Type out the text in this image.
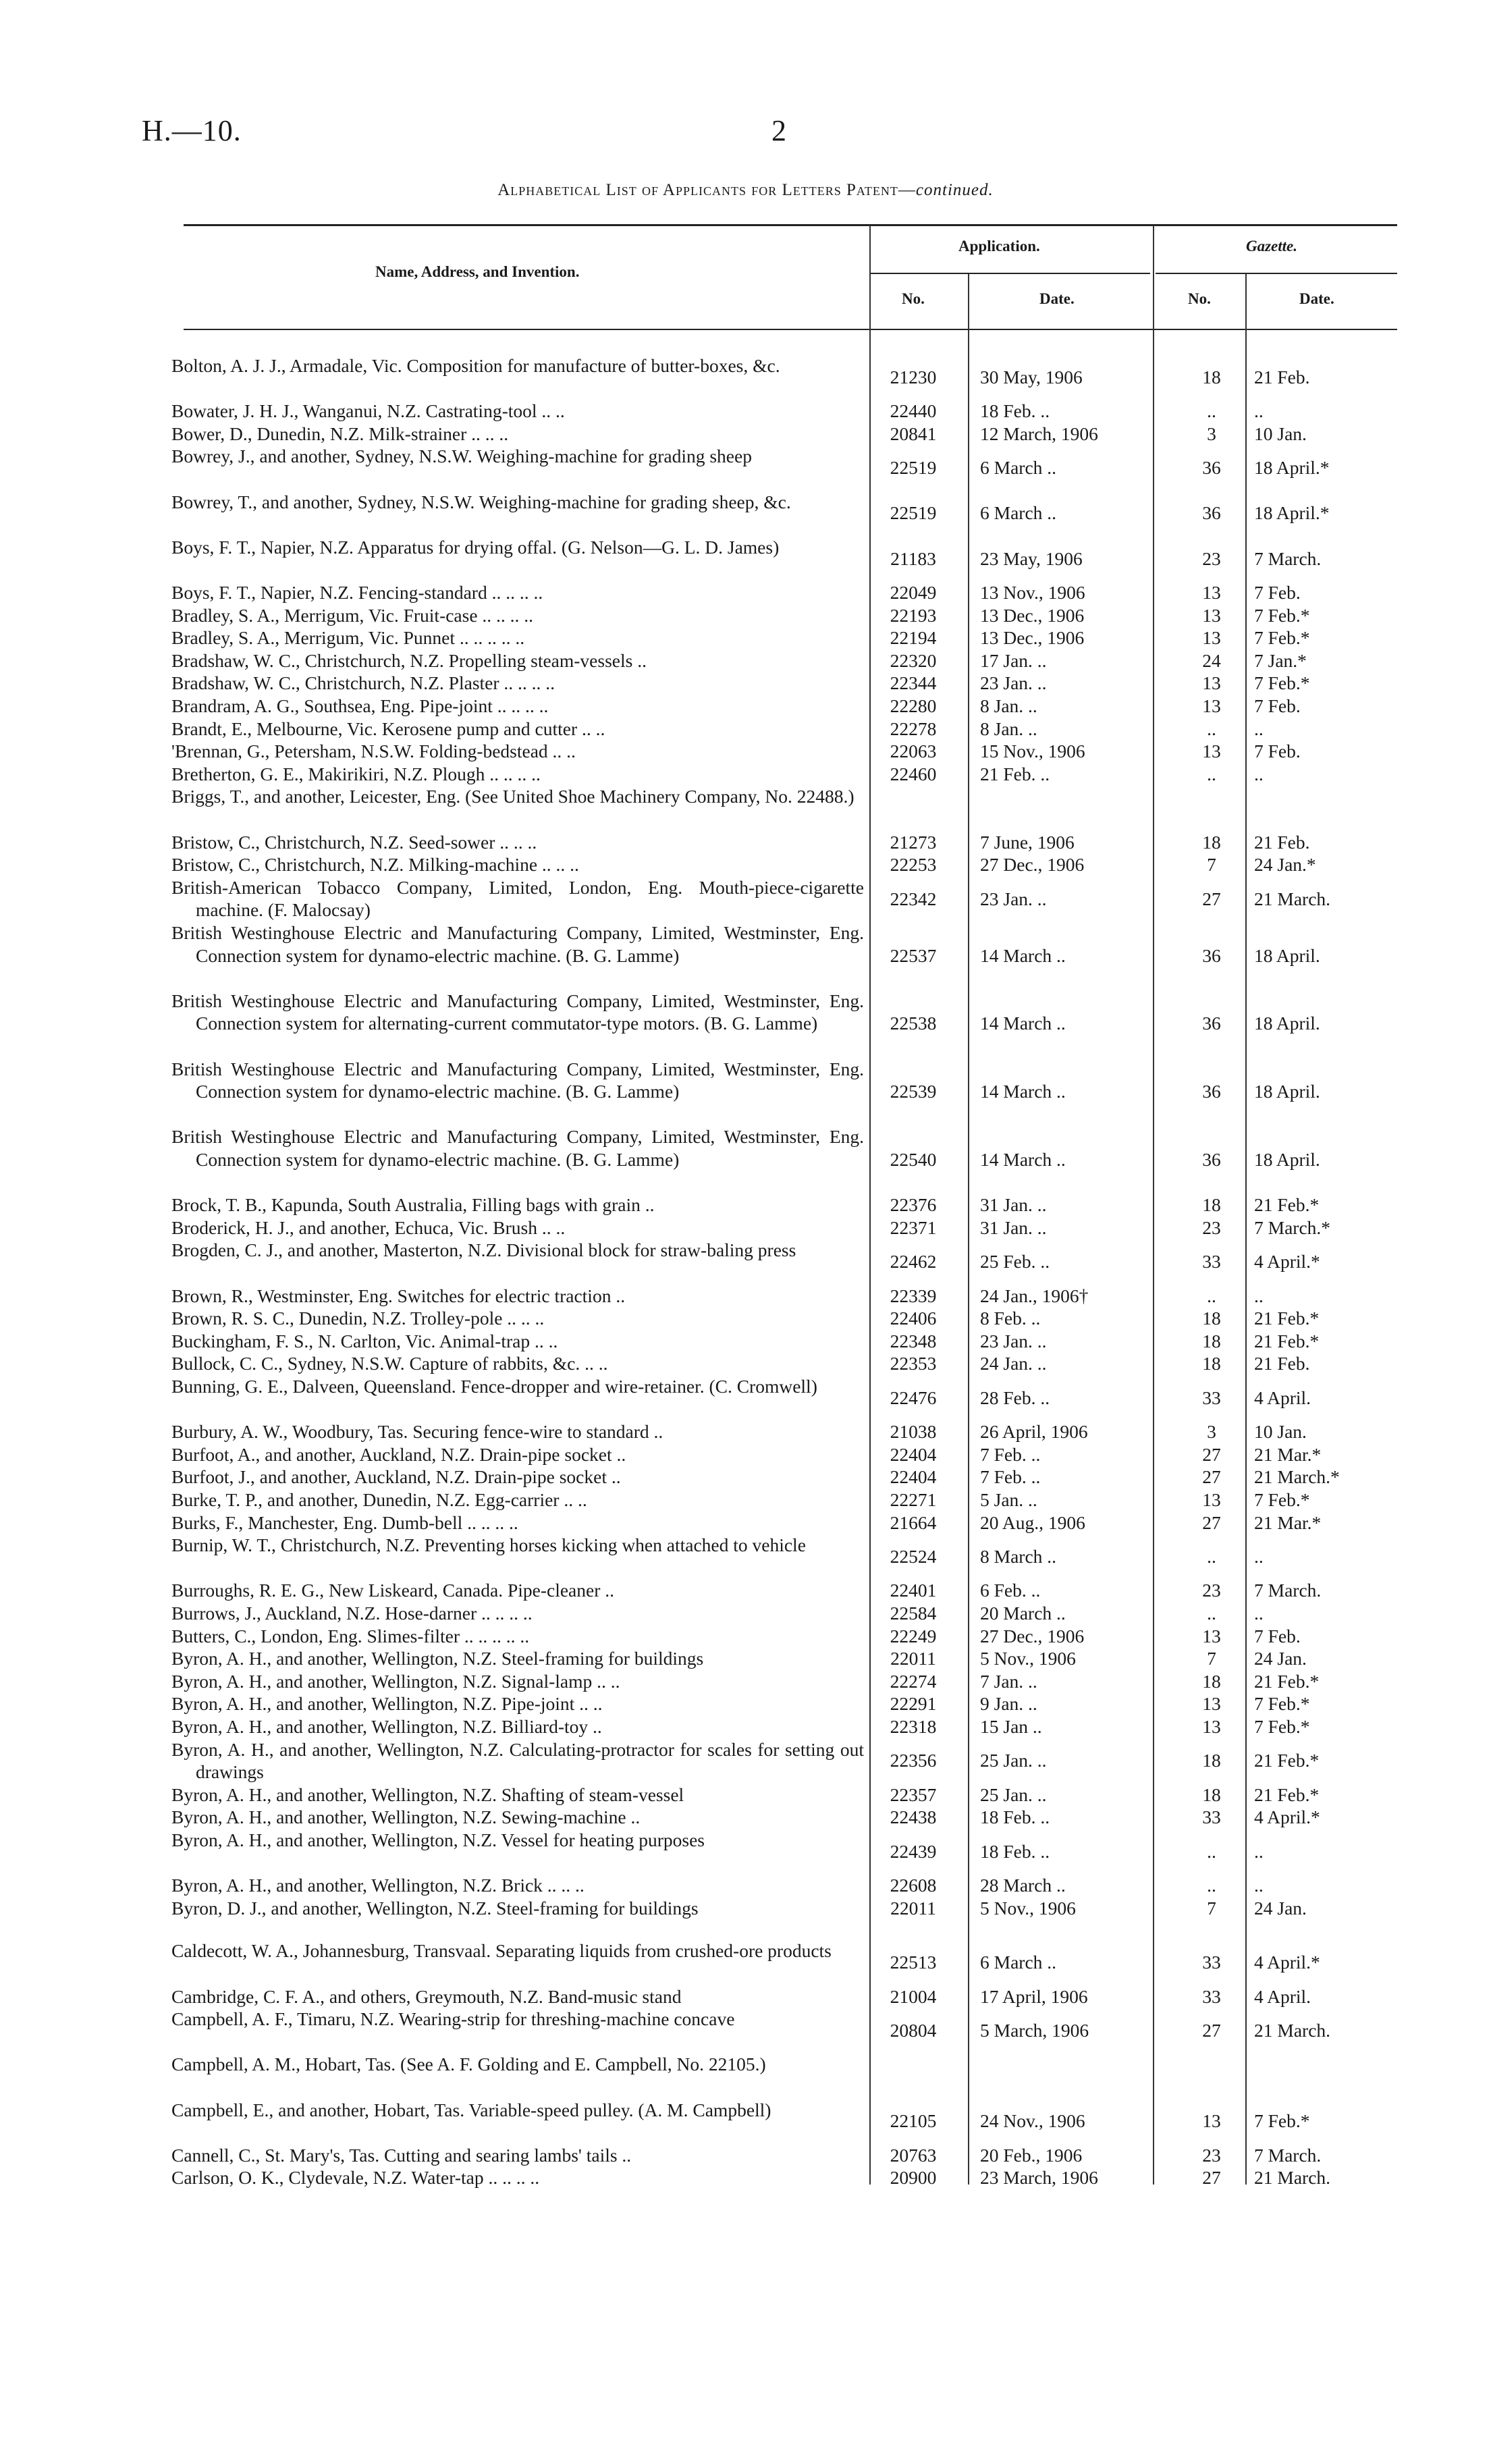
H.—10.	2
Alphabetical List of Applicants for Letters Patent—continued.
Name, Address, and Invention.
Application.	Gazette.
No.	Date.	No.	Date.
Bolton, A. J. J., Armadale, Vic. Composition for manufacture of butter-boxes, &c.
21230	30 May, 1906	18	21 Feb.
Bowater, J. H. J., Wanganui, N.Z. Castrating-tool .. ..	22440	18 Feb. ..	..	..
Bower, D., Dunedin, N.Z. Milk-strainer .. .. ..	20841	12 March, 1906	3	10 Jan.
Bowrey, J., and another, Sydney, N.S.W. Weighing-machine for grading sheep
22519	6 March ..	36	18 April.*
Bowrey, T., and another, Sydney, N.S.W. Weighing-machine for grading sheep, &c.
22519	6 March ..	36	18 April.*
Boys, F. T., Napier, N.Z. Apparatus for drying offal. (G. Nelson—G. L. D. James)
21183	23 May, 1906	23	7 March.
Boys, F. T., Napier, N.Z. Fencing-standard .. .. .. ..	22049	13 Nov., 1906	13	7 Feb.
Bradley, S. A., Merrigum, Vic. Fruit-case .. .. .. ..	22193	13 Dec., 1906	13	7 Feb.*
Bradley, S. A., Merrigum, Vic. Punnet .. .. .. .. ..	22194	13 Dec., 1906	13	7 Feb.*
Bradshaw, W. C., Christchurch, N.Z. Propelling steam-vessels ..	22320	17 Jan. ..	24	7 Jan.*
Bradshaw, W. C., Christchurch, N.Z. Plaster .. .. .. ..	22344	23 Jan. ..	13	7 Feb.*
Brandram, A. G., Southsea, Eng. Pipe-joint .. .. .. ..	22280	8 Jan. ..	13	7 Feb.
Brandt, E., Melbourne, Vic. Kerosene pump and cutter .. ..	22278	8 Jan. ..	..	..
'Brennan, G., Petersham, N.S.W. Folding-bedstead .. ..	22063	15 Nov., 1906	13	7 Feb.
Bretherton, G. E., Makirikiri, N.Z. Plough .. .. .. ..	22460	21 Feb. ..	..	..
Briggs, T., and another, Leicester, Eng. (See United Shoe Machinery Company, No. 22488.)
Bristow, C., Christchurch, N.Z. Seed-sower .. .. ..	21273	7 June, 1906	18	21 Feb.
Bristow, C., Christchurch, N.Z. Milking-machine .. .. ..	22253	27 Dec., 1906	7	24 Jan.*
British-American Tobacco Company, Limited, London, Eng. Mouth-piece-cigarette machine. (F. Malocsay)
22342	23 Jan. ..	27	21 March.
British Westinghouse Electric and Manufacturing Company, Limited, Westminster, Eng. Connection system for dynamo-electric machine. (B. G. Lamme)	22537	14 March ..	36	18 April.
British Westinghouse Electric and Manufacturing Company, Limited, Westminster, Eng. Connection system for alternating-current commutator-type motors. (B. G. Lamme)	22538	14 March ..	36	18 April.
British Westinghouse Electric and Manufacturing Company, Limited, Westminster, Eng. Connection system for dynamo-electric machine. (B. G. Lamme)	22539	14 March ..	36	18 April.
British Westinghouse Electric and Manufacturing Company, Limited, Westminster, Eng. Connection system for dynamo-electric machine. (B. G. Lamme)	22540	14 March ..	36	18 April.
Brock, T. B., Kapunda, South Australia, Filling bags with grain ..	22376	31 Jan. ..	18	21 Feb.*
Broderick, H. J., and another, Echuca, Vic. Brush .. ..	22371	31 Jan. ..	23	7 March.*
Brogden, C. J., and another, Masterton, N.Z. Divisional block for straw-baling press
22462	25 Feb. ..	33	4 April.*
Brown, R., Westminster, Eng. Switches for electric traction ..	22339	24 Jan., 1906†	..	..
Brown, R. S. C., Dunedin, N.Z. Trolley-pole .. .. ..	22406	8 Feb. ..	18	21 Feb.*
Buckingham, F. S., N. Carlton, Vic. Animal-trap .. ..	22348	23 Jan. ..	18	21 Feb.*
Bullock, C. C., Sydney, N.S.W. Capture of rabbits, &c. .. ..	22353	24 Jan. ..	18	21 Feb.
Bunning, G. E., Dalveen, Queensland. Fence-dropper and wire-retainer. (C. Cromwell)
22476	28 Feb. ..	33	4 April.
Burbury, A. W., Woodbury, Tas. Securing fence-wire to standard ..	21038	26 April, 1906	3	10 Jan.
Burfoot, A., and another, Auckland, N.Z. Drain-pipe socket ..	22404	7 Feb. ..	27	21 Mar.*
Burfoot, J., and another, Auckland, N.Z. Drain-pipe socket ..	22404	7 Feb. ..	27	21 March.*
Burke, T. P., and another, Dunedin, N.Z. Egg-carrier .. ..	22271	5 Jan. ..	13	7 Feb.*
Burks, F., Manchester, Eng. Dumb-bell .. .. .. ..	21664	20 Aug., 1906	27	21 Mar.*
Burnip, W. T., Christchurch, N.Z. Preventing horses kicking when attached to vehicle
22524	8 March ..	..	..
Burroughs, R. E. G., New Liskeard, Canada. Pipe-cleaner ..	22401	6 Feb. ..	23	7 March.
Burrows, J., Auckland, N.Z. Hose-darner .. .. .. ..	22584	20 March ..	..	..
Butters, C., London, Eng. Slimes-filter .. .. .. .. ..	22249	27 Dec., 1906	13	7 Feb.
Byron, A. H., and another, Wellington, N.Z. Steel-framing for buildings	22011	5 Nov., 1906	7	24 Jan.
Byron, A. H., and another, Wellington, N.Z. Signal-lamp .. ..	22274	7 Jan. ..	18	21 Feb.*
Byron, A. H., and another, Wellington, N.Z. Pipe-joint .. ..	22291	9 Jan. ..	13	7 Feb.*
Byron, A. H., and another, Wellington, N.Z. Billiard-toy ..	22318	15 Jan ..	13	7 Feb.*
Byron, A. H., and another, Wellington, N.Z. Calculating-protractor for scales for setting out drawings
22356	25 Jan. ..	18	21 Feb.*
Byron, A. H., and another, Wellington, N.Z. Shafting of steam-vessel	22357	25 Jan. ..	18	21 Feb.*
Byron, A. H., and another, Wellington, N.Z. Sewing-machine ..	22438	18 Feb. ..	33	4 April.*
Byron, A. H., and another, Wellington, N.Z. Vessel for heating purposes
22439	18 Feb. ..	..	..
Byron, A. H., and another, Wellington, N.Z. Brick .. .. ..	22608	28 March ..	..	..
Byron, D. J., and another, Wellington, N.Z. Steel-framing for buildings	22011	5 Nov., 1906	7	24 Jan.
Caldecott, W. A., Johannesburg, Transvaal. Separating liquids from crushed-ore products
22513	6 March ..	33	4 April.*
Cambridge, C. F. A., and others, Greymouth, N.Z. Band-music stand	21004	17 April, 1906	33	4 April.
Campbell, A. F., Timaru, N.Z. Wearing-strip for threshing-machine concave
20804	5 March, 1906	27	21 March.
Campbell, A. M., Hobart, Tas. (See A. F. Golding and E. Campbell, No. 22105.)
Campbell, E., and another, Hobart, Tas. Variable-speed pulley. (A. M. Campbell)
22105	24 Nov., 1906	13	7 Feb.*
Cannell, C., St. Mary's, Tas. Cutting and searing lambs' tails ..	20763	20 Feb., 1906	23	7 March.
Carlson, O. K., Clydevale, N.Z. Water-tap .. .. .. ..	20900	23 March, 1906	27	21 March.
